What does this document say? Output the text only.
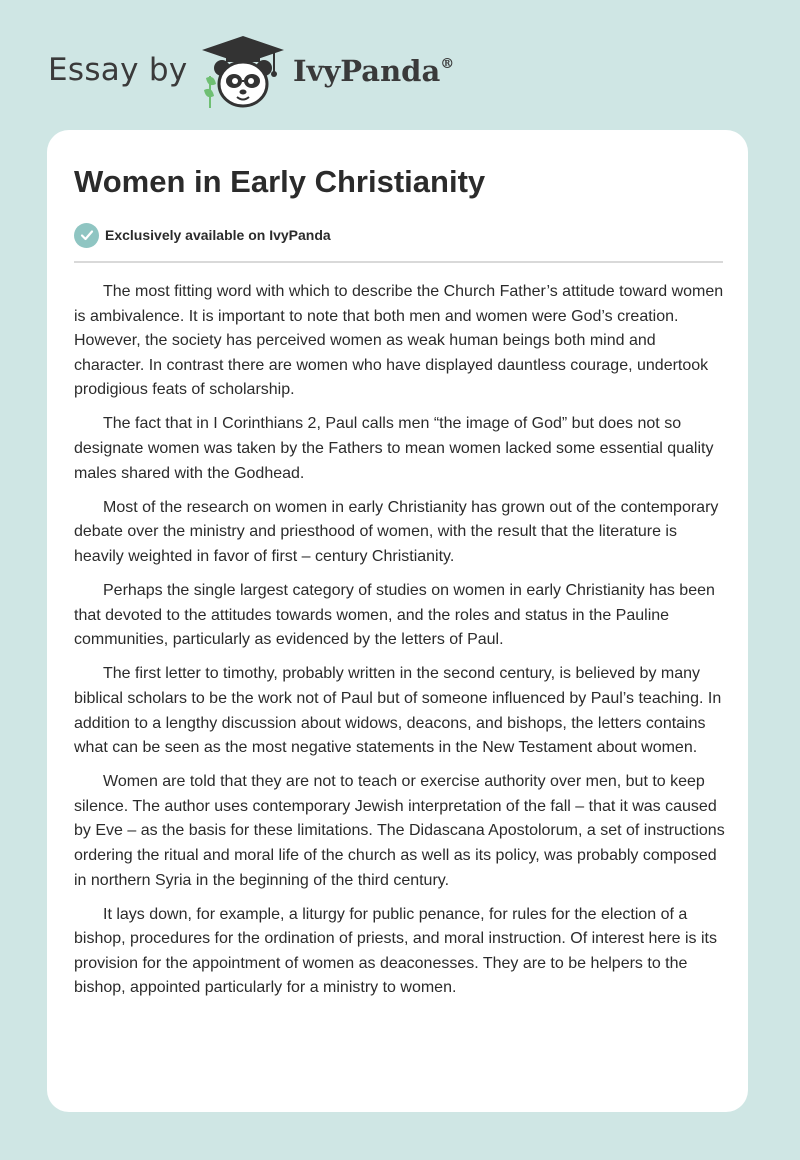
Essay by	IvyPanda®
Women in Early Christianity
Exclusively available on IvyPanda

The most fitting word with which to describe the Church Father’s attitude toward women is ambivalence. It is important to note that both men and women were God’s creation. However, the society has perceived women as weak human beings both mind and character. In contrast there are women who have displayed dauntless courage, undertook prodigious feats of scholarship.

The fact that in I Corinthians 2, Paul calls men “the image of God” but does not so designate women was taken by the Fathers to mean women lacked some essential quality males shared with the Godhead.

Most of the research on women in early Christianity has grown out of the contemporary debate over the ministry and priesthood of women, with the result that the literature is heavily weighted in favor of first – century Christianity.

Perhaps the single largest category of studies on women in early Christianity has been that devoted to the attitudes towards women, and the roles and status in the Pauline communities, particularly as evidenced by the letters of Paul.

The first letter to timothy, probably written in the second century, is believed by many biblical scholars to be the work not of Paul but of someone influenced by Paul’s teaching. In addition to a lengthy discussion about widows, deacons, and bishops, the letters contains what can be seen as the most negative statements in the New Testament about women.

Women are told that they are not to teach or exercise authority over men, but to keep silence. The author uses contemporary Jewish interpretation of the fall – that it was caused by Eve – as the basis for these limitations. The Didascana Apostolorum, a set of instructions ordering the ritual and moral life of the church as well as its policy, was probably composed in northern Syria in the beginning of the third century.

It lays down, for example, a liturgy for public penance, for rules for the election of a bishop, procedures for the ordination of priests, and moral instruction. Of interest here is its provision for the appointment of women as deaconesses. They are to be helpers to the bishop, appointed particularly for a ministry to women.
